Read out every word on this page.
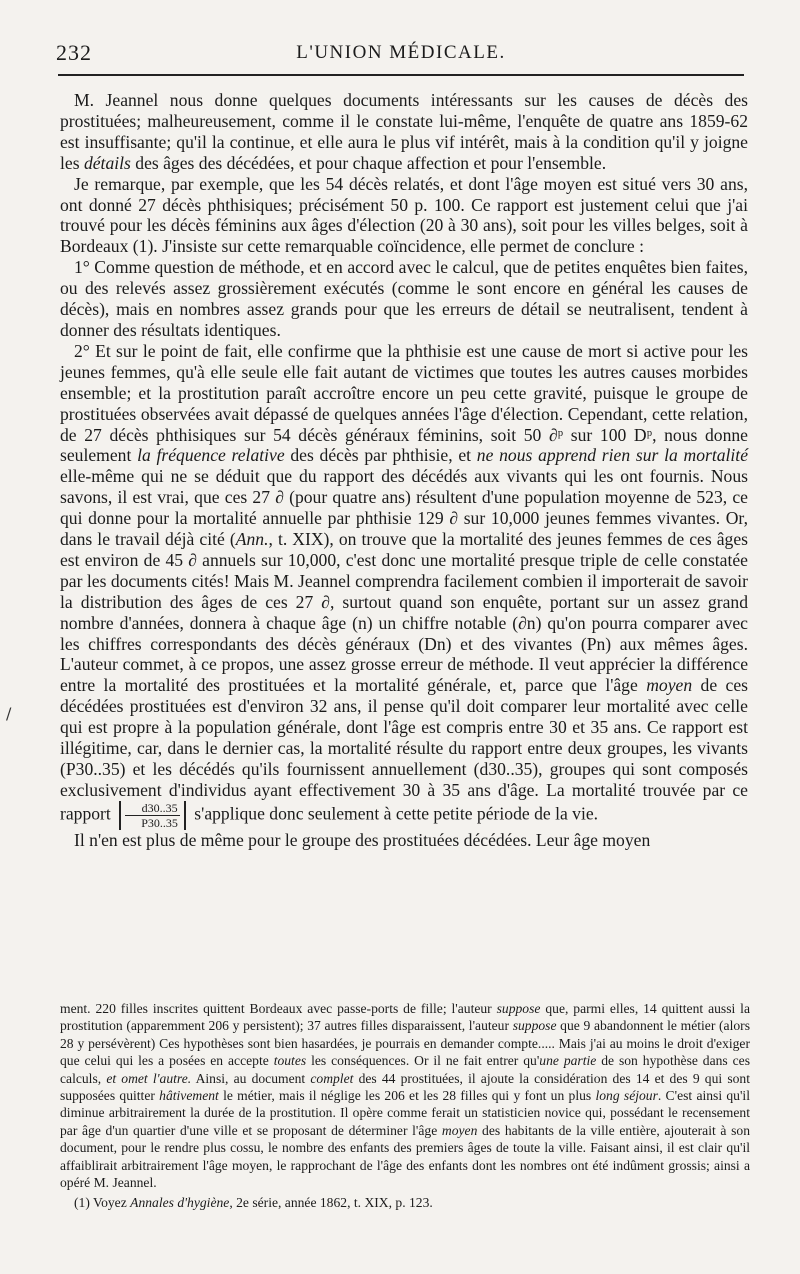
232	L'UNION MÉDICALE.
/

M. Jeannel nous donne quelques documents intéressants sur les causes de décès des prostituées; malheureusement, comme il le constate lui-même, l'enquête de quatre ans 1859-62 est insuffisante; qu'il la continue, et elle aura le plus vif intérêt, mais à la condition qu'il y joigne les détails des âges des décédées, et pour chaque affection et pour l'ensemble.

Je remarque, par exemple, que les 54 décès relatés, et dont l'âge moyen est situé vers 30 ans, ont donné 27 décès phthisiques; précisément 50 p. 100. Ce rapport est justement celui que j'ai trouvé pour les décès féminins aux âges d'élection (20 à 30 ans), soit pour les villes belges, soit à Bordeaux (1). J'insiste sur cette remarquable coïncidence, elle permet de conclure :

1° Comme question de méthode, et en accord avec le calcul, que de petites enquêtes bien faites, ou des relevés assez grossièrement exécutés (comme le sont encore en général les causes de décès), mais en nombres assez grands pour que les erreurs de détail se neutralisent, tendent à donner des résultats identiques.

2° Et sur le point de fait, elle confirme que la phthisie est une cause de mort si active pour les jeunes femmes, qu'à elle seule elle fait autant de victimes que toutes les autres causes morbides ensemble; et la prostitution paraît accroître encore un peu cette gravité, puisque le groupe de prostituées observées avait dépassé de quelques années l'âge d'élection. Cependant, cette relation, de 27 décès phthisiques sur 54 décès généraux féminins, soit 50 ∂ᵖ sur 100 Dᵖ, nous donne seulement la fréquence relative des décès par phthisie, et ne nous apprend rien sur la mortalité elle-même qui ne se déduit que du rapport des décédés aux vivants qui les ont fournis. Nous savons, il est vrai, que ces 27 ∂ (pour quatre ans) résultent d'une population moyenne de 523, ce qui donne pour la mortalité annuelle par phthisie 129 ∂ sur 10,000 jeunes femmes vivantes. Or, dans le travail déjà cité (Ann., t. XIX), on trouve que la mortalité des jeunes femmes de ces âges est environ de 45 ∂ annuels sur 10,000, c'est donc une mortalité presque triple de celle constatée par les documents cités! Mais M. Jeannel comprendra facilement combien il importerait de savoir la distribution des âges de ces 27 ∂, surtout quand son enquête, portant sur un assez grand nombre d'années, donnera à chaque âge (n) un chiffre notable (∂n) qu'on pourra comparer avec les chiffres correspondants des décès généraux (Dn) et des vivantes (Pn) aux mêmes âges. L'auteur commet, à ce propos, une assez grosse erreur de méthode. Il veut apprécier la différence entre la mortalité des prostituées et la mortalité générale, et, parce que l'âge moyen de ces décédées prostituées est d'environ 32 ans, il pense qu'il doit comparer leur mortalité avec celle qui est propre à la population générale, dont l'âge est compris entre 30 et 35 ans. Ce rapport est illégitime, car, dans le dernier cas, la mortalité résulte du rapport entre deux groupes, les vivants (P30..35) et les décédés qu'ils fournissent annuellement (d30..35), groupes qui sont composés exclusivement d'individus ayant effectivement 30 à 35 ans d'âge. La mortalité trouvée par ce rapport $\frac{d30..35}{P30..35}$ s'applique donc seulement à cette petite période de la vie.

Il n'en est plus de même pour le groupe des prostituées décédées. Leur âge moyen

ment. 220 filles inscrites quittent Bordeaux avec passe-ports de fille; l'auteur suppose que, parmi elles, 14 quittent aussi la prostitution (apparemment 206 y persistent); 37 autres filles disparaissent, l'auteur suppose que 9 abandonnent le métier (alors 28 y persévèrent) Ces hypothèses sont bien hasardées, je pourrais en demander compte..... Mais j'ai au moins le droit d'exiger que celui qui les a posées en accepte toutes les conséquences. Or il ne fait entrer qu'une partie de son hypothèse dans ces calculs, et omet l'autre. Ainsi, au document complet des 44 prostituées, il ajoute la considération des 14 et des 9 qui sont supposées quitter hâtivement le métier, mais il néglige les 206 et les 28 filles qui y font un plus long séjour. C'est ainsi qu'il diminue arbitrairement la durée de la prostitution. Il opère comme ferait un statisticien novice qui, possédant le recensement par âge d'un quartier d'une ville et se proposant de déterminer l'âge moyen des habitants de la ville entière, ajouterait à son document, pour le rendre plus cossu, le nombre des enfants des premiers âges de toute la ville. Faisant ainsi, il est clair qu'il affaiblirait arbitrairement l'âge moyen, le rapprochant de l'âge des enfants dont les nombres ont été indûment grossis; ainsi a opéré M. Jeannel.

(1) Voyez Annales d'hygiène, 2e série, année 1862, t. XIX, p. 123.
